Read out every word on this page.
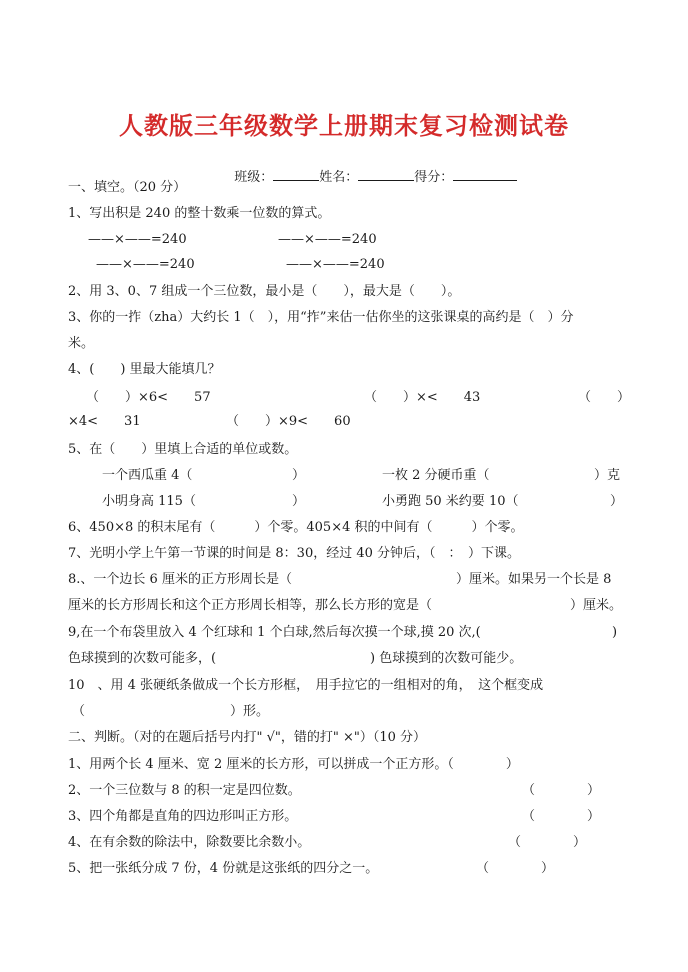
人教版三年级数学上册期末复习检测试卷

班级：	姓名：	得分：

一、填空。（20 分）
1、写出积是 240 的整十数乘一位数的算式。
——×——=240	——×——=240
——×——=240	——×——=240
2、用 3、0、7 组成一个三位数，最小是（　　），最大是（　　）。
3、你的一拃（zha）大约长 1（　），用“拃”来估一估你坐的这张课桌的高约是（　）分
米。
4、(　　) 里最大能填几？
（　　）×6<　　57	（　　）×<　　43	（　　）
×4<　　31	（　　）×9<　　60
5、在（　　）里填上合适的单位或数。
一个西瓜重 4（	）	一枚 2 分硬币重（	）克
小明身高 115（	）	小勇跑 50 米约要 10（	）
6、450×8 的积末尾有（　　　）个零。405×4 积的中间有（　　　）个零。
7、光明小学上午第一节课的时间是 8：30，经过 40 分钟后，（　：　）下课。
8.、一个边长 6 厘米的正方形周长是（	）厘米。如果另一个长是 8
厘米的长方形周长和这个正方形周长相等，那么长方形的宽是（	）厘米。
9,在一个布袋里放入 4 个红球和 1 个白球,然后每次摸一个球,摸 20 次,(	)
色球摸到的次数可能多，(	) 色球摸到的次数可能少。
10　、用 4 张硬纸条做成一个长方形框，　用手拉它的一组相对的角，　这个框变成
（	）形。
二、判断。（对的在题后括号内打" √"，错的打" ×"）（10 分）
1、用两个长 4 厘米、宽 2 厘米的长方形，可以拼成一个正方形。（　　　　）
2、一个三位数与 8 的积一定是四位数。	（　　　　）
3、四个角都是直角的四边形叫正方形。	（　　　　）
4、在有余数的除法中，除数要比余数小。	（　　　　）
5、把一张纸分成 7 份，4 份就是这张纸的四分之一。	（　　　　）
